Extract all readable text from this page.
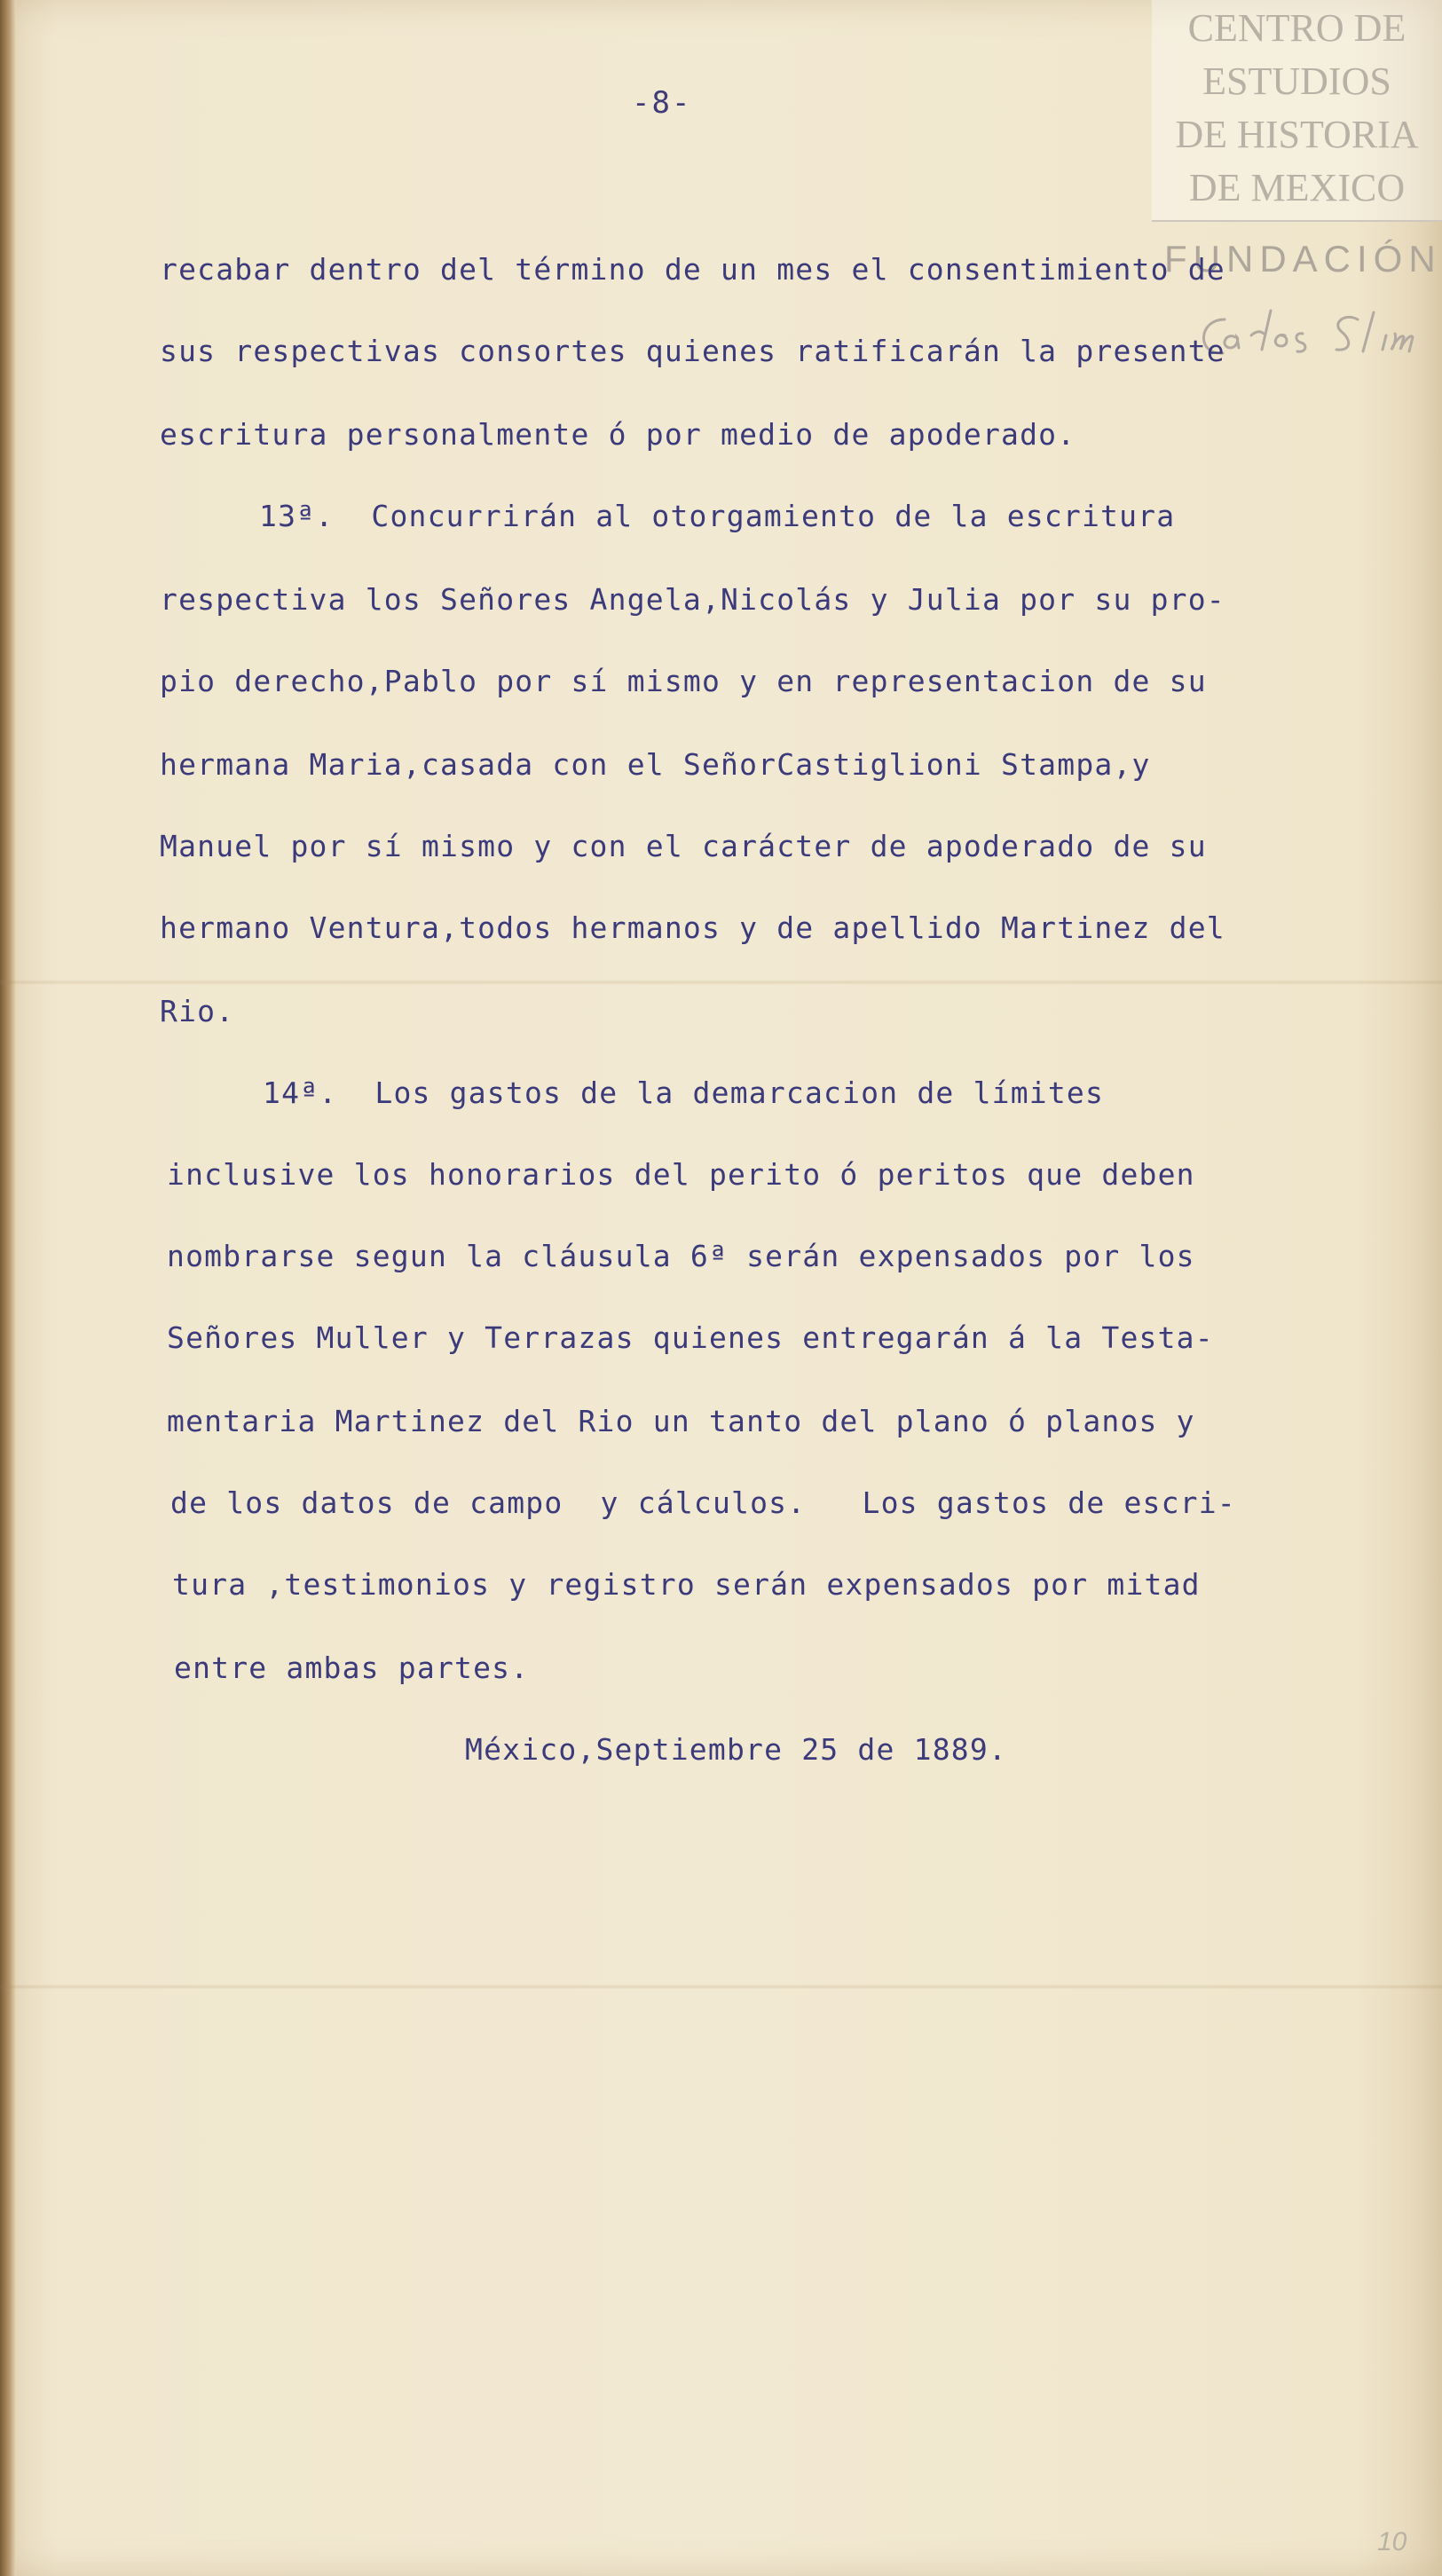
CENTRO DE
ESTUDIOS
DE HISTORIA
DE MEXICO
FUNDACIÓN
-8-

recabar dentro del término de un mes el consentimiento de

sus respectivas consortes quienes ratificarán la presente

escritura personalmente ó por medio de apoderado.

13ª.  Concurrirán al otorgamiento de la escritura

respectiva los Señores Angela,Nicolás y Julia por su pro-

pio derecho,Pablo por sí mismo y en representacion de su

hermana Maria,casada con el SeñorCastiglioni Stampa,y

Manuel por sí mismo y con el carácter de apoderado de su

hermano Ventura,todos hermanos y de apellido Martinez del

Rio.

14ª.  Los gastos de la demarcacion de límites

inclusive los honorarios del perito ó peritos que deben

nombrarse segun la cláusula 6ª serán expensados por los

Señores Muller y Terrazas quienes entregarán á la Testa-

mentaria Martinez del Rio un tanto del plano ó planos y

de los datos de campo  y cálculos.   Los gastos de escri-

tura ,testimonios y registro serán expensados por mitad

entre ambas partes.

México,Septiembre 25 de 1889.

10
